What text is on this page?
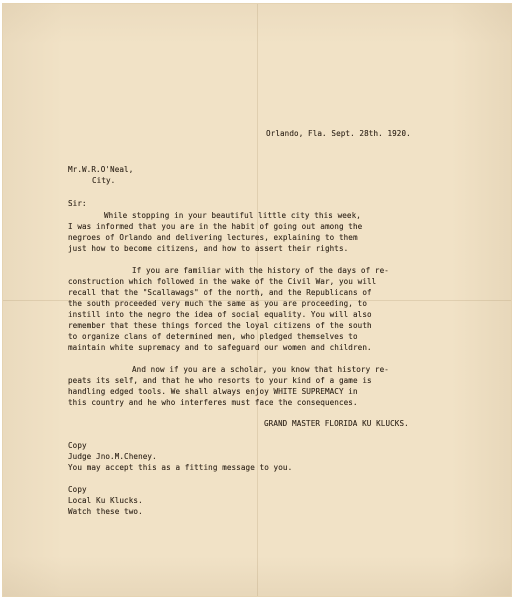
Orlando, Fla. Sept. 28th. 1920.
Mr.W.R.O'Neal,
City.
Sir:
While stopping in your beautiful little city this week,
I was informed that you are in the habit of going out among the
negroes of Orlando and delivering lectures, explaining to them
just how to become citizens, and how to assert their rights.
If you are familiar with the history of the days of re-
construction which followed in the wake of the Civil War, you will
recall that the "Scallawags" of the north, and the Republicans of
the south proceeded very much the same as you are proceeding, to
instill into the negro the idea of social equality. You will also
remember that these things forced the loyal citizens of the south
to organize clans of determined men, who pledged themselves to
maintain white supremacy and to safeguard our women and children.
And now if you are a scholar, you know that history re-
peats its self, and that he who resorts to your kind of a game is
handling edged tools. We shall always enjoy WHITE SUPREMACY in
this country and he who interferes must face the consequences.
GRAND MASTER FLORIDA KU KLUCKS.
Copy
Judge Jno.M.Cheney.
You may accept this as a fitting message to you.
Copy
Local Ku Klucks.
Watch these two.
